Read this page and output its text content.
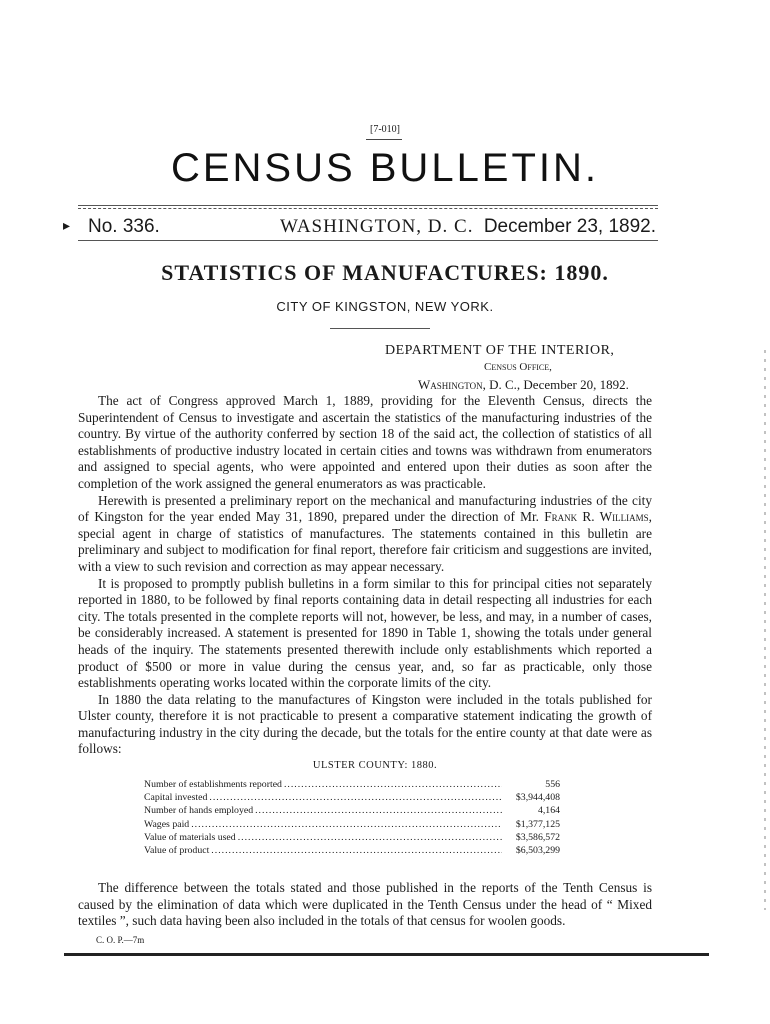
[7-010]
CENSUS BULLETIN.
▸ No. 336.	WASHINGTON, D. C. December 23, 1892.
STATISTICS OF MANUFACTURES: 1890.
CITY OF KINGSTON, NEW YORK.
DEPARTMENT OF THE INTERIOR,
Census Office,
Washington, D. C., December 20, 1892.

The act of Congress approved March 1, 1889, providing for the Eleventh Census, directs the Superintendent of Census to investigate and ascertain the statistics of the manufacturing industries of the country. By virtue of the authority conferred by section 18 of the said act, the collection of statistics of all establishments of productive industry located in certain cities and towns was withdrawn from enumerators and assigned to special agents, who were appointed and entered upon their duties as soon after the completion of the work assigned the general enumerators as was practicable.

Herewith is presented a preliminary report on the mechanical and manufacturing industries of the city of Kingston for the year ended May 31, 1890, prepared under the direction of Mr. Frank R. Williams, special agent in charge of statistics of manufactures. The statements contained in this bulletin are preliminary and subject to modification for final report, therefore fair criticism and suggestions are invited, with a view to such revision and correction as may appear necessary.

It is proposed to promptly publish bulletins in a form similar to this for principal cities not separately reported in 1880, to be followed by final reports containing data in detail respecting all industries for each city. The totals presented in the complete reports will not, however, be less, and may, in a number of cases, be considerably increased. A statement is presented for 1890 in Table 1, showing the totals under general heads of the inquiry. The statements presented therewith include only establishments which reported a product of $500 or more in value during the census year, and, so far as practicable, only those establishments operating works located within the corporate limits of the city.

In 1880 the data relating to the manufactures of Kingston were included in the totals published for Ulster county, therefore it is not practicable to present a comparative statement indicating the growth of manufacturing industry in the city during the decade, but the totals for the entire county at that date were as follows:

ULSTER COUNTY: 1880.

Number of establishments reported .....	556
Capital invested .....	$3,944,408
Number of hands employed .....	4,164
Wages paid .....	$1,377,125
Value of materials used .....	$3,586,572
Value of product .....	$6,503,299

The difference between the totals stated and those published in the reports of the Tenth Census is caused by the elimination of data which were duplicated in the Tenth Census under the head of “ Mixed textiles ”, such data having been also included in the totals of that census for woolen goods.

C. O. P.—7m
